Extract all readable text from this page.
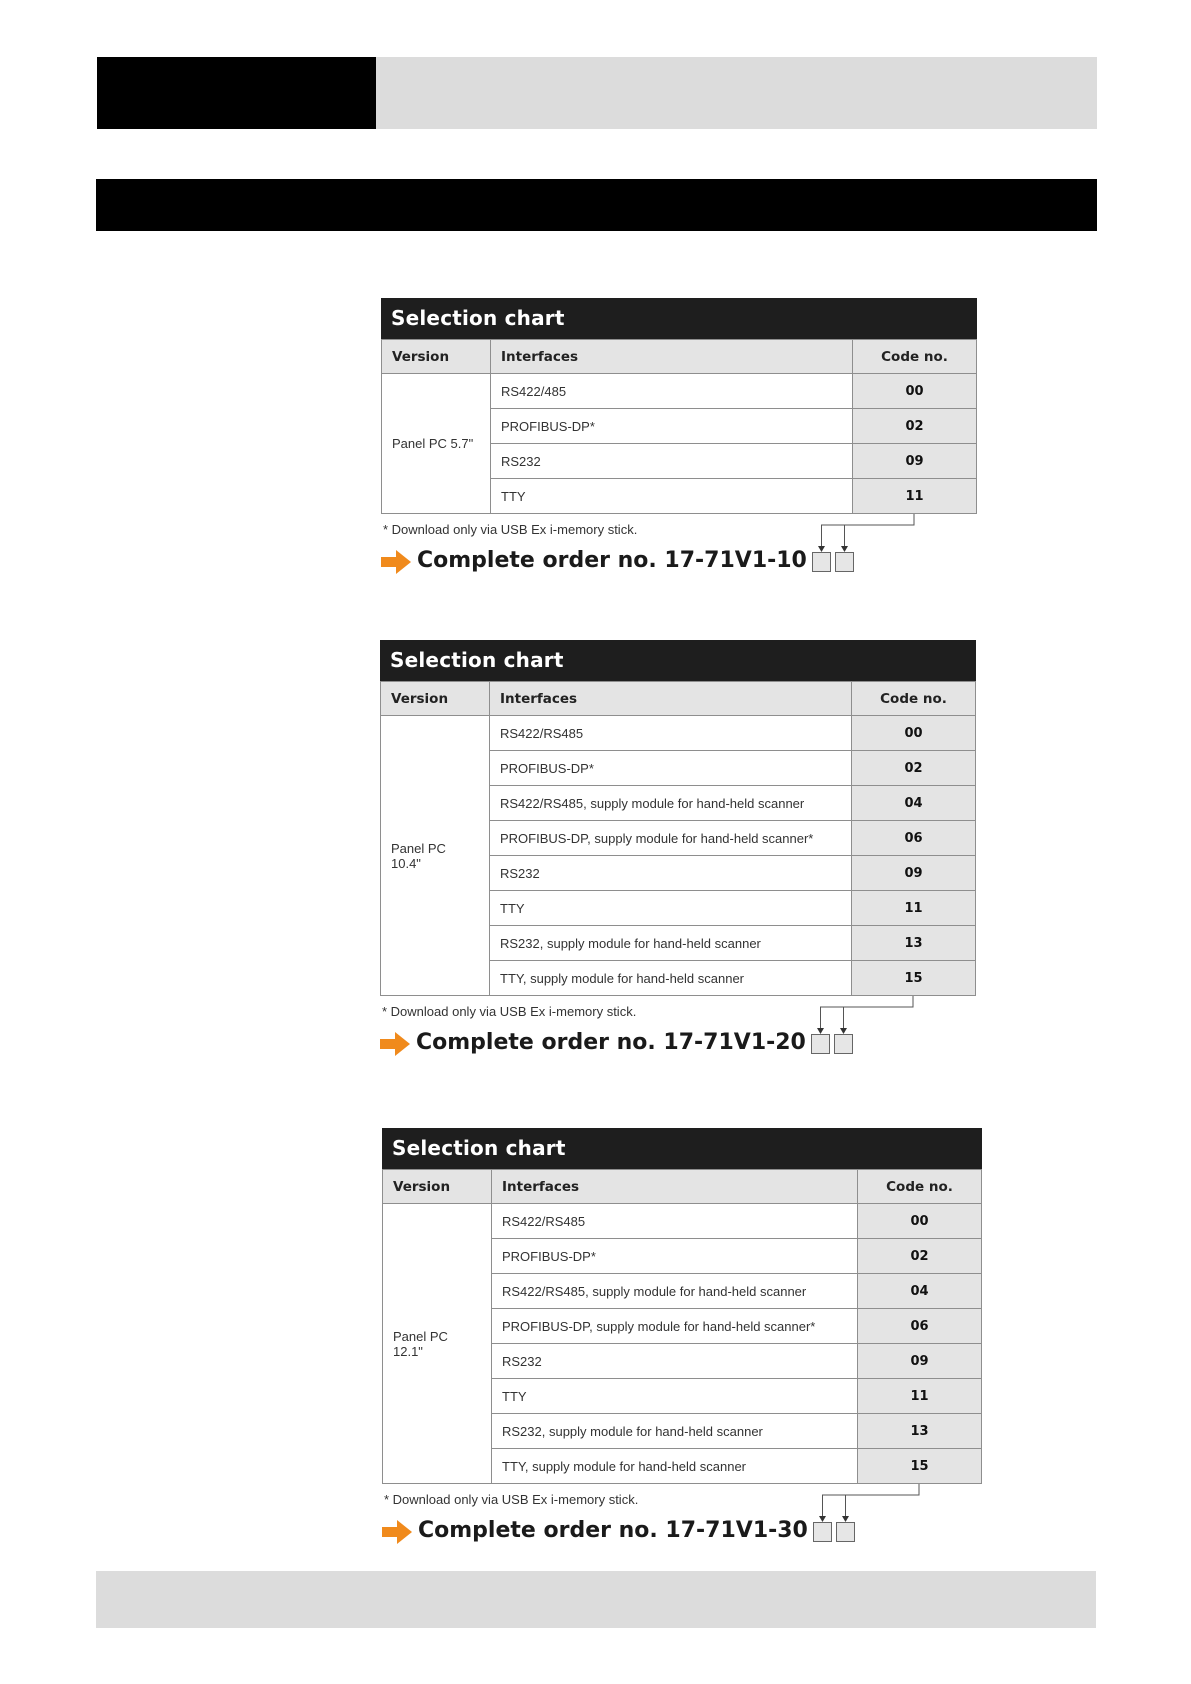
Selection chart
Version	Interfaces	Code no.
Panel PC 5.7"	RS422/485	00
	PROFIBUS-DP*	02
	RS232	09
	TTY	11
* Download only via USB Ex i-memory stick.
Complete order no. 17-71V1-10
Selection chart
Version	Interfaces	Code no.
Panel PC 10.4"	RS422/RS485	00
	PROFIBUS-DP*	02
	RS422/RS485, supply module for hand-held scanner	04
	PROFIBUS-DP, supply module for hand-held scanner*	06
	RS232	09
	TTY	11
	RS232, supply module for hand-held scanner	13
	TTY, supply module for hand-held scanner	15
* Download only via USB Ex i-memory stick.
Complete order no. 17-71V1-20
Selection chart
Version	Interfaces	Code no.
Panel PC 12.1"	RS422/RS485	00
	PROFIBUS-DP*	02
	RS422/RS485, supply module for hand-held scanner	04
	PROFIBUS-DP, supply module for hand-held scanner*	06
	RS232	09
	TTY	11
	RS232, supply module for hand-held scanner	13
	TTY, supply module for hand-held scanner	15
* Download only via USB Ex i-memory stick.
Complete order no. 17-71V1-30
